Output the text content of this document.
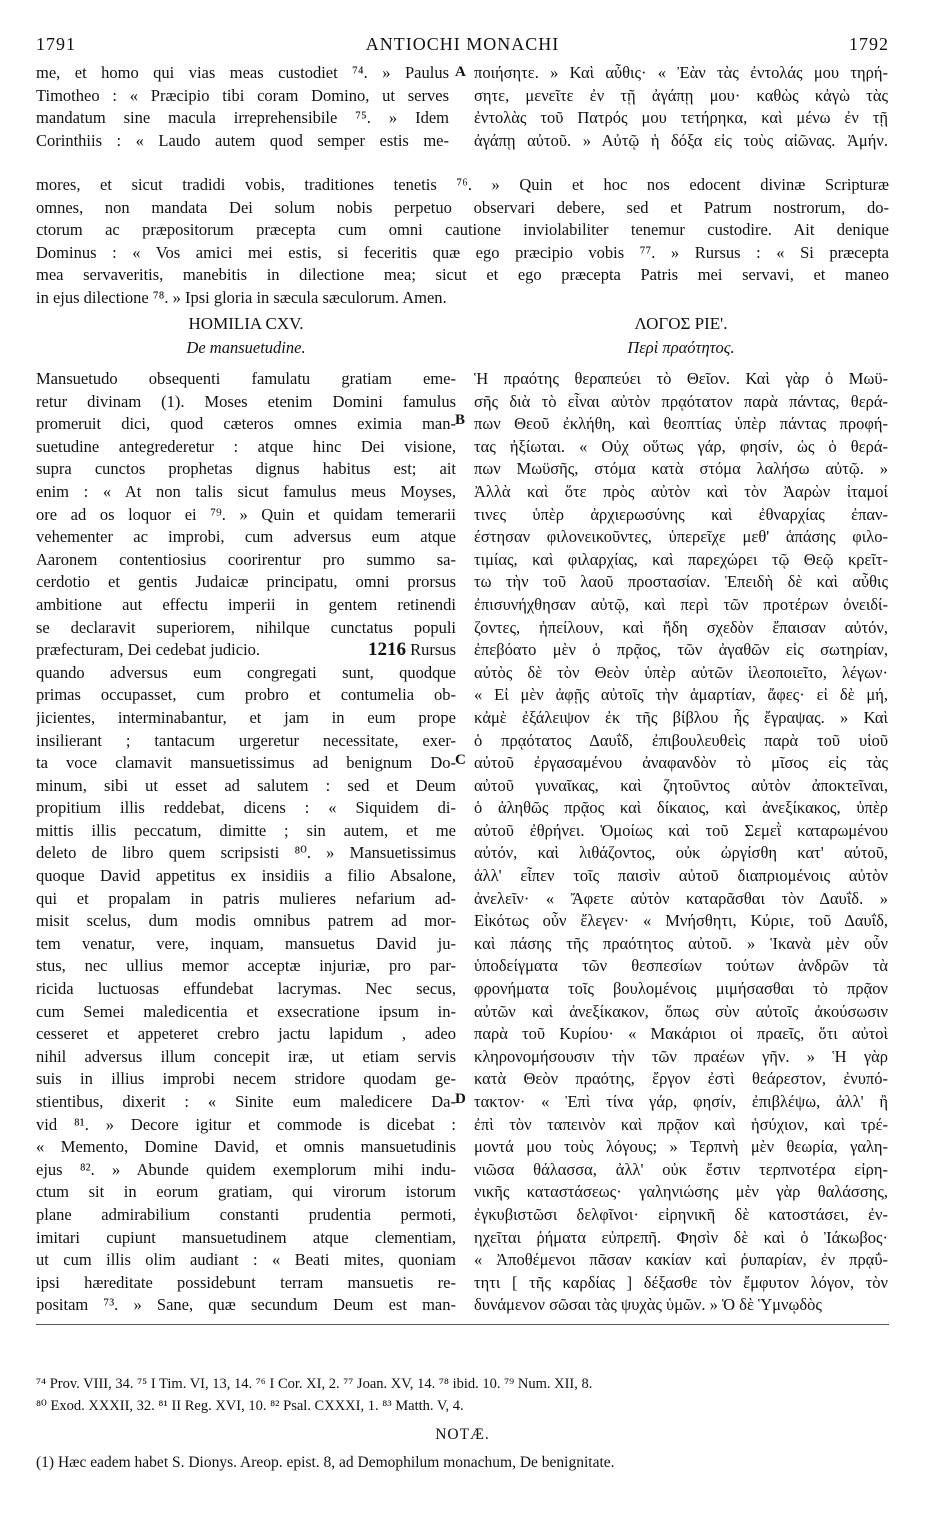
1791	ANTIOCHI MONACHI	1792
me, et homo qui vias meas custodiet ⁷⁴. » Paulus
Timotheo : « Præcipio tibi coram Domino, ut serves
mandatum sine macula irreprehensibile ⁷⁵. » Idem
Corinthiis : « Laudo autem quod semper estis me-
A ποιήσητε. » Καὶ αὖθις· « Ἐὰν τὰς ἐντολάς μου τηρή-
σητε, μενεῖτε ἐν τῇ ἀγάπῃ μου· καθὼς κἀγὼ τὰς
ἐντολὰς τοῦ Πατρός μου τετήρηκα, καὶ μένω ἐν τῇ
ἀγάπῃ αὐτοῦ. » Αὐτῷ ἡ δόξα εἰς τοὺς αἰῶνας. Ἀμήν.
mores, et sicut tradidi vobis, traditiones tenetis ⁷⁶. » Quin et hoc nos edocent divinæ Scripturæ
omnes, non mandata Dei solum nobis perpetuo observari debere, sed et Patrum nostrorum, do-
ctorum ac præpositorum præcepta cum omni cautione inviolabiliter tenemur custodire. Ait denique
Dominus : « Vos amici mei estis, si feceritis quæ ego præcipio vobis ⁷⁷. » Rursus : « Si præcepta
mea servaveritis, manebitis in dilectione mea; sicut et ego præcepta Patris mei servavi, et maneo
in ejus dilectione ⁷⁸. » Ipsi gloria in sæcula sæculorum. Amen.
HOMILIA CXV.
De mansuetudine.
ΛΟΓΟΣ ΡΙΕ'.
Περὶ πραότητος.
Mansuetudo obsequenti famulatu gratiam eme-
retur divinam (1). Moses etenim Domini famulus
promeruit dici, quod cæteros omnes eximia man-
suetudine antegrederetur : atque hinc Dei visione,
supra cunctos prophetas dignus habitus est; ait
enim : « At non talis sicut famulus meus Moyses,
ore ad os loquor ei ⁷⁹. » Quin et quidam temerarii
vehementer ac improbi, cum adversus eum atque
Aaronem contentiosius coorirentur pro summo sa-
cerdotio et gentis Judaicæ principatu, omni prorsus
ambitione aut effectu imperii in gentem retinendi
se declaravit superiorem, nihilque cunctatus populi
præfecturam, Dei cedebat judicio.	1216 Rursus
quando adversus eum congregati sunt, quodque
primas occupasset, cum probro et contumelia ob-
jicientes, interminabantur, et jam in eum prope
insilierant ; tantacum urgeretur necessitate, exer-
ta voce clamavit mansuetissimus ad benignum Do-
minum, sibi ut esset ad salutem : sed et Deum
propitium illis reddebat, dicens : « Siquidem di-
mittis illis peccatum, dimitte ; sin autem, et me
deleto de libro quem scripsisti ⁸⁰. » Mansuetissimus
quoque David appetitus ex insidiis a filio Absalone,
qui et propalam in patris mulieres nefarium ad-
misit scelus, dum modis omnibus patrem ad mor-
tem venatur, vere, inquam, mansuetus David ju-
stus, nec ullius memor acceptæ injuriæ, pro par-
ricida luctuosas effundebat lacrymas. Nec secus,
cum Semei maledicentia et exsecratione ipsum in-
cesseret et appeteret crebro jactu lapidum , adeo
nihil adversus illum concepit iræ, ut etiam servis
suis in illius improbi necem stridore quodam ge-
stientibus, dixerit : « Sinite eum maledicere Da-
vid ⁸¹. » Decore igitur et commode is dicebat :
« Memento, Domine David, et omnis mansuetudinis
ejus ⁸². » Abunde quidem exemplorum mihi indu-
ctum sit in eorum gratiam, qui virorum istorum
plane admirabilium constanti prudentia permoti,
imitari cupiunt mansuetudinem atque clementiam,
ut cum illis olim audiant : « Beati mites, quoniam
ipsi hæreditate possidebunt terram mansuetis re-
positam ⁷³. » Sane, quæ secundum Deum est man-
B
C
D
Ἡ πραότης θεραπεύει τὸ Θεῖον. Καὶ γὰρ ὁ Μωϋ-
σῆς διὰ τὸ εἶναι αὐτὸν πρᾳότατον παρὰ πάντας, θερά-
πων Θεοῦ ἐκλήθη, καὶ θεοπτίας ὑπὲρ πάντας προφή-
τας ἠξίωται. « Οὐχ οὕτως γάρ, φησίν, ὡς ὁ θερά-
πων Μωϋσῆς, στόμα κατὰ στόμα λαλήσω αὐτῷ. »
Ἀλλὰ καὶ ὅτε πρὸς αὐτὸν καὶ τὸν Ἀαρὼν ἰταμοί
τινες ὑπὲρ ἀρχιερωσύνης καὶ ἐθναρχίας ἐπαν-
έστησαν φιλονεικοῦντες, ὑπερεῖχε μεθ' ἁπάσης φιλο-
τιμίας, καὶ φιλαρχίας, καὶ παρεχώρει τῷ Θεῷ κρεῖτ-
τω τὴν τοῦ λαοῦ προστασίαν. Ἐπειδὴ δὲ καὶ αὖθις
ἐπισυνήχθησαν αὐτῷ, καὶ περὶ τῶν προτέρων ὀνειδί-
ζοντες, ἠπείλουν, καὶ ἤδη σχεδὸν ἔπαισαν αὐτόν,
ἐπεβόατο μὲν ὁ πρᾷος, τῶν ἀγαθῶν εἰς σωτηρίαν,
αὐτὸς δὲ τὸν Θεὸν ὑπὲρ αὐτῶν ἱλεοποιεῖτο, λέγων·
« Εἰ μὲν ἀφῇς αὐτοῖς τὴν ἁμαρτίαν, ἄφες· εἰ δὲ μή,
κἀμὲ ἐξάλειψον ἐκ τῆς βίβλου ἧς ἔγραψας. » Καὶ
ὁ πρᾳότατος Δαυΐδ, ἐπιβουλευθεὶς παρὰ τοῦ υἱοῦ
αὐτοῦ ἐργασαμένου ἀναφανδὸν τὸ μῖσος εἰς τὰς
αὐτοῦ γυναῖκας, καὶ ζητοῦντος αὐτὸν ἀποκτεῖναι,
ὁ ἀληθῶς πρᾷος καὶ δίκαιος, καὶ ἀνεξίκακος, ὑπὲρ
αὐτοῦ ἐθρήνει. Ὁμοίως καὶ τοῦ Σεμεῒ καταρωμένου
αὐτόν, καὶ λιθάζοντος, οὐκ ὠργίσθη κατ' αὐτοῦ,
ἀλλ' εἶπεν τοῖς παισὶν αὐτοῦ διαπριομένοις αὐτὸν
ἀνελεῖν· « Ἄφετε αὐτὸν καταρᾶσθαι τὸν Δαυΐδ. »
Εἰκότως οὖν ἔλεγεν· « Μνήσθητι, Κύριε, τοῦ Δαυΐδ,
καὶ πάσης τῆς πραότητος αὐτοῦ. » Ἱκανὰ μὲν οὖν
ὑποδείγματα τῶν θεσπεσίων τούτων ἀνδρῶν τὰ
φρονήματα τοῖς βουλομένοις μιμήσασθαι τὸ πρᾷον
αὐτῶν καὶ ἀνεξίκακον, ὅπως σὺν αὐτοῖς ἀκούσωσιν
παρὰ τοῦ Κυρίου· « Μακάριοι οἱ πραεῖς, ὅτι αὐτοὶ
κληρονομήσουσιν τὴν τῶν πραέων γῆν. » Ἡ γὰρ
κατὰ Θεὸν πραότης, ἔργον ἐστὶ θεάρεστον, ἐνυπό-
τακτον· « Ἐπὶ τίνα γάρ, φησίν, ἐπιβλέψω, ἀλλ' ἢ
ἐπὶ τὸν ταπεινὸν καὶ πρᾷον καὶ ἡσύχιον, καὶ τρέ-
μοντά μου τοὺς λόγους; » Τερπνὴ μὲν θεωρία, γαλη-
νιῶσα θάλασσα, ἀλλ' οὐκ ἔστιν τερπνοτέρα εἰρη-
νικῆς καταστάσεως· γαληνιώσης μὲν γὰρ θαλάσσης,
ἐγκυβιστῶσι δελφῖνοι· εἰρηνικῆ δὲ κατοστάσει, ἐν-
ηχεῖται ῥήματα εὐπρεπῆ. Φησὶν δὲ καὶ ὁ Ἰάκωβος·
« Ἀποθέμενοι πᾶσαν κακίαν καὶ ῥυπαρίαν, ἐν πρᾳΰ-
τητι [ τῆς καρδίας ] δέξασθε τὸν ἔμφυτον λόγον, τὸν
δυνάμενον σῶσαι τὰς ψυχὰς ὑμῶν. » Ὁ δὲ Ὑμνῳδὸς
⁷⁴ Prov. VIII, 34. ⁷⁵ I Tim. VI, 13, 14. ⁷⁶ I Cor. XI, 2. ⁷⁷ Joan. XV, 14. ⁷⁸ ibid. 10. ⁷⁹ Num. XII, 8.
⁸⁰ Exod. XXXII, 32. ⁸¹ II Reg. XVI, 10. ⁸² Psal. CXXXI, 1. ⁸³ Matth. V, 4.
NOTÆ.
(1) Hæc eadem habet S. Dionys. Areop. epist. 8, ad Demophilum monachum, De benignitate.
